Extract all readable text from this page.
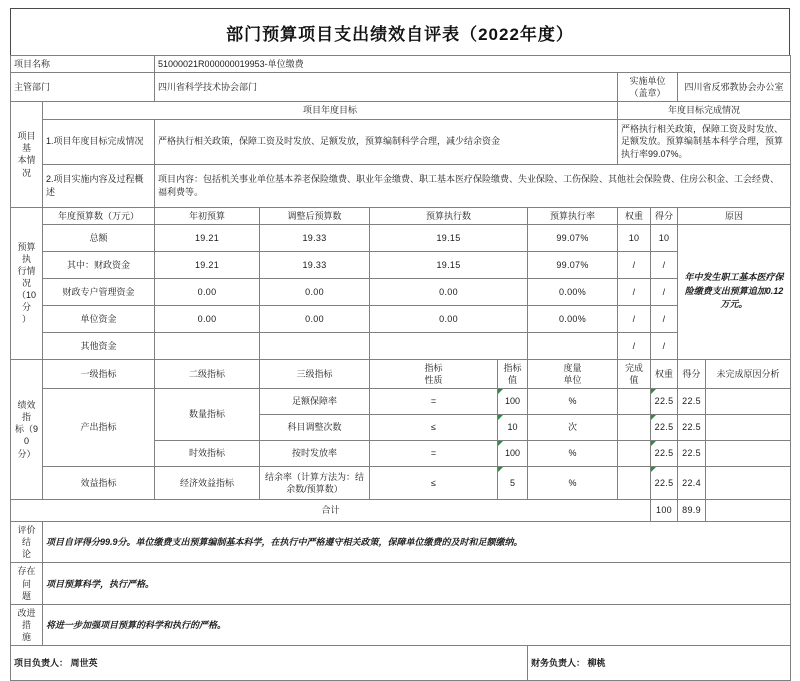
部门预算项目支出绩效自评表（2022年度）
项目名称		51000021R000000019953-单位缴费								
主管部门		四川省科学技术协会部门					实施单位
（盖章）		四川省反邪教协会办公室	
项目基
本情况	项目年度目标						年度目标完成情况			
	1.项目年度目标完成情况	严格执行相关政策，保障工资及时发放、足额发放，预算编制科学合理，减少结余资金					严格执行相关政策，保障工资及时发放、足额发放。预算编制基本科学合理，预算执行率99.07%。			
	2.项目实施内容及过程概述	项目内容：包括机关事业单位基本养老保险缴费、职业年金缴费、职工基本医疗保险缴费、失业保险、工伤保险、其他社会保险费、住房公积金、工会经费、福利费等。								
预算执
行情况
（10分
）	年度预算数（万元）	年初预算	调整后预算数	预算执行数		预算执行率	权重	得分	原因	
	总额	19.21	19.33	19.15		99.07%	10	10	年中发生职工基本医疗保险缴费支出预算追加0.12万元。	
	其中：财政资金	19.21	19.33	19.15		99.07%	/	/		
	财政专户管理资金	0.00	0.00	0.00		0.00%	/	/		
	单位资金	0.00	0.00	0.00		0.00%	/	/		
	其他资金						/	/		
绩效指
标（90
分）	一级指标	二级指标	三级指标	指标
性质	指标值	度量
单位	完成值	权重	得分	未完成原因分析
	产出指标	数量指标	足额保障率	=	100	%		22.5	22.5	
			科目调整次数	≤	10	次		22.5	22.5	
		时效指标	按时发放率	=	100	%		22.5	22.5	
	效益指标	经济效益指标	结余率（计算方法为：结余数/预算数）	≤	5	%		22.5	22.4	
合计								100	89.9	
评价结
论	项目自评得分99.9分。单位缴费支出预算编制基本科学，在执行中严格遵守相关政策，保障单位缴费的及时和足额缴纳。									
存在问
题	项目预算科学，执行严格。									
改进措
施	将进一步加强项目预算的科学和执行的严格。									
项目负责人： 周世英						财务负责人： 柳桃				
